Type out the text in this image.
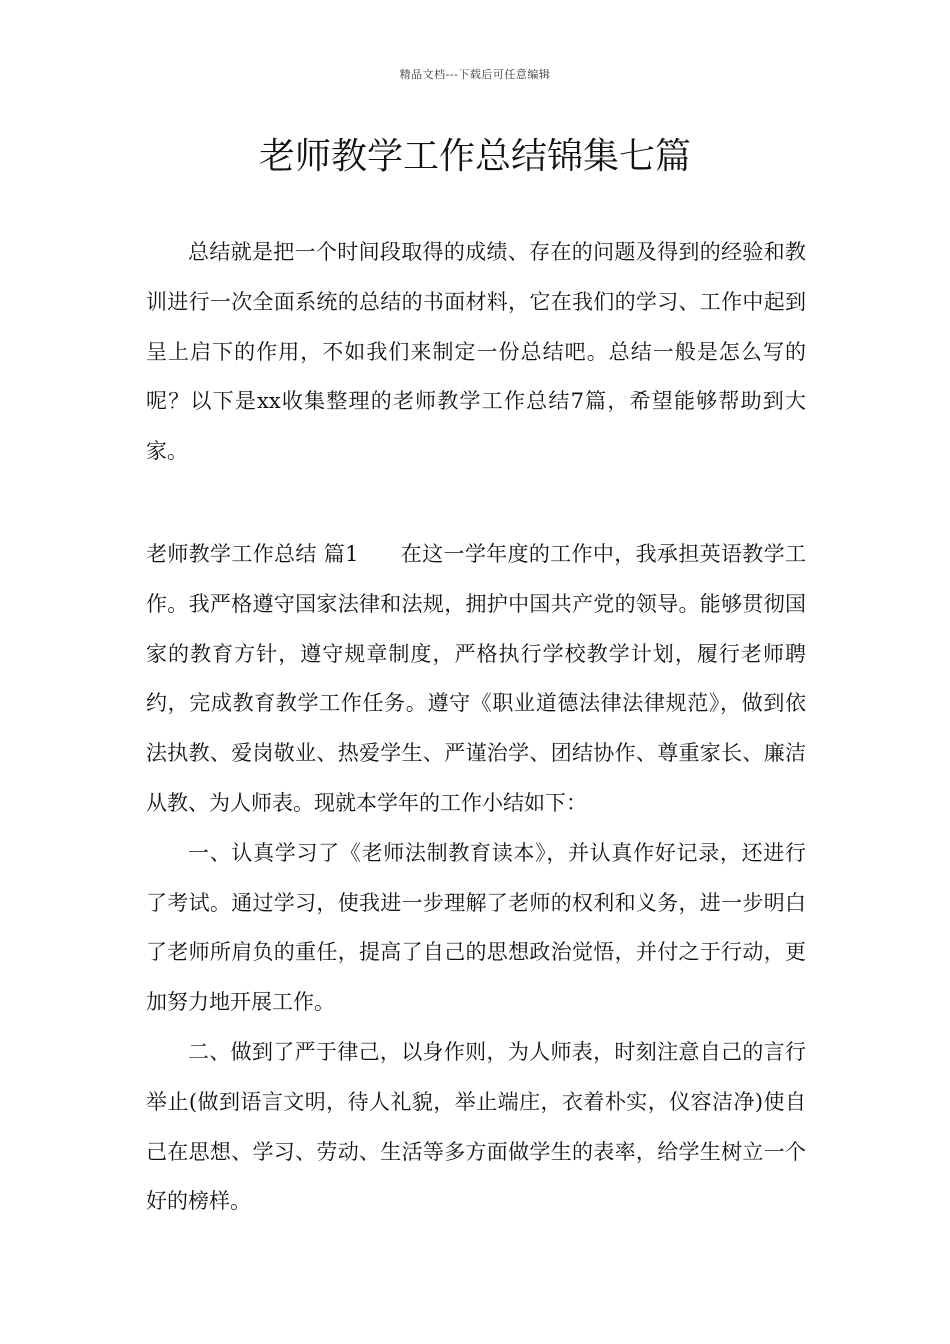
精品文档---下载后可任意编辑
老师教学工作总结锦集七篇

总结就是把一个时间段取得的成绩、存在的问题及得到的经验和教训进行一次全面系统的总结的书面材料，它在我们的学习、工作中起到呈上启下的作用，不如我们来制定一份总结吧。总结一般是怎么写的呢？以下是xx收集整理的老师教学工作总结7篇，希望能够帮助到大家。

老师教学工作总结 篇1 在这一学年度的工作中，我承担英语教学工作。我严格遵守国家法律和法规，拥护中国共产党的领导。能够贯彻国家的教育方针，遵守规章制度，严格执行学校教学计划，履行老师聘约，完成教育教学工作任务。遵守《职业道德法律法律规范》，做到依法执教、爱岗敬业、热爱学生、严谨治学、团结协作、尊重家长、廉洁从教、为人师表。现就本学年的工作小结如下：

一、认真学习了《老师法制教育读本》，并认真作好记录，还进行了考试。通过学习，使我进一步理解了老师的权利和义务，进一步明白了老师所肩负的重任，提高了自己的思想政治觉悟，并付之于行动，更加努力地开展工作。

二、做到了严于律己，以身作则，为人师表，时刻注意自己的言行举止(做到语言文明，待人礼貌，举止端庄，衣着朴实，仪容洁净)使自己在思想、学习、劳动、生活等多方面做学生的表率，给学生树立一个好的榜样。
